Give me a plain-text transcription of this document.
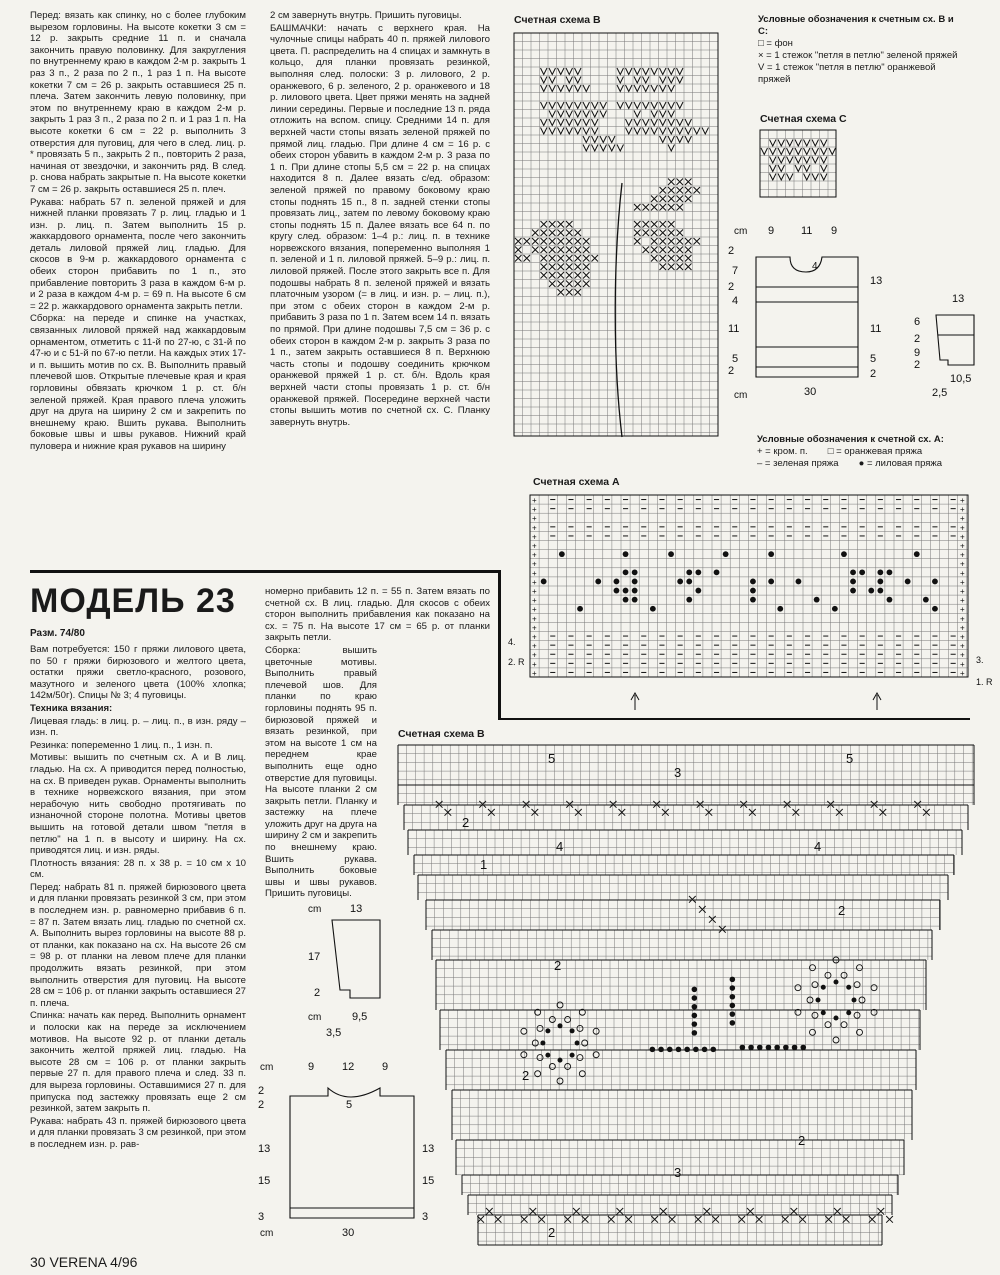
Перед: вязать как спинку, но с более глубоким вырезом горловины. На высоте кокетки 3 см = 12 р. закрыть средние 11 п. и сначала закончить правую половинку. Для закругления по внутреннему краю в каждом 2-м р. закрыть 1 раз 3 п., 2 раза по 2 п., 1 раз 1 п. На высоте кокетки 7 см = 26 р. закрыть оставшиеся 25 п. плеча. Затем закончить левую половинку, при этом по внутреннему краю в каждом 2-м р. закрыть 1 раз 3 п., 2 раза по 2 п. и 1 раз 1 п. На высоте кокетки 6 см = 22 р. выполнить 3 отверстия для пуговиц, для чего в след. лиц. р. * провязать 5 п., закрыть 2 п., повторить 2 раза, начиная от звездочки, и закончить ряд. В след. р. снова набрать закрытые п. На высоте кокетки 7 см = 26 р. закрыть оставшиеся 25 п. плеч.

Рукава: набрать 57 п. зеленой пряжей и для нижней планки провязать 7 р. лиц. гладью и 1 изн. р. лиц. п. Затем выполнить 15 р. жаккардового орнамента, после чего закончить деталь лиловой пряжей лиц. гладью. Для скосов в 9-м р. жаккардового орнамента с обеих сторон прибавить по 1 п., это прибавление повторить 3 раза в каждом 6-м р. и 2 раза в каждом 4-м р. = 69 п. На высоте 6 см = 22 р. жаккардового орнамента закрыть петли.

Сборка: на переде и спинке на участках, связанных лиловой пряжей над жаккардовым орнаментом, отметить с 11-й по 27-ю, с 31-й по 47-ю и с 51-й по 67-ю петли. На каждых этих 17-и п. вышить мотив по сх. В. Выполнить правый плечевой шов. Открытые плечевые края и края горловины обвязать крючком 1 р. ст. б/н зеленой пряжей. Края правого плеча уложить друг на друга на ширину 2 см и закрепить по внешнему краю. Вшить рукава. Выполнить боковые швы и швы рукавов. Нижний край пуловера и нижние края рукавов на ширину

2 см завернуть внутрь. Пришить пуговицы.

БАШМАЧКИ: начать с верхнего края. На чулочные спицы набрать 40 п. пряжей лилового цвета. П. распределить на 4 спицах и замкнуть в кольцо, для планки провязать резинкой, выполняя след. полоски: 3 р. лилового, 2 р. оранжевого, 6 р. зеленого, 2 р. оранжевого и 18 р. лилового цвета. Цвет пряжи менять на задней линии середины. Первые и последние 13 п. ряда отложить на вспом. спицу. Средними 14 п. для верхней части стопы вязать зеленой пряжей по прямой лиц. гладью. При длине 4 см = 16 р. с обеих сторон убавить в каждом 2-м р. 3 раза по 1 п. При длине стопы 5,5 см = 22 р. на спицах находится 8 п. Далее вязать с/ед. образом: зеленой пряжей по правому боковому краю стопы поднять 15 п., 8 п. задней стенки стопы провязать лиц., затем по левому боковому краю стопы поднять 15 п. Далее вязать все 64 п. по кругу след. образом: 1–4 р.: лиц. п. в технике норвежского вязания, попеременно выполняя 1 п. зеленой и 1 п. лиловой пряжей. 5–9 р.: лиц. п. лиловой пряжей. После этого закрыть все п. Для подошвы набрать 8 п. зеленой пряжей и вязать платочным узором (= в лиц. и изн. р. – лиц. п.), при этом с обеих сторон в каждом 2-м р. прибавить 3 раза по 1 п. Затем всем 14 п. вязать по прямой. При длине подошвы 7,5 см = 36 р. с обеих сторон в каждом 2-м р. закрыть 3 раза по 1 п., затем закрыть оставшиеся 8 п. Верхнюю часть стопы и подошву соединить крючком оранжевой пряжей 1 р. ст. б/н. Вдоль края верхней части стопы провязать 1 р. ст. б/н оранжевой пряжей. Посередине верхней части стопы вышить мотив по счетной сх. С. Планку завернуть внутрь.

МОДЕЛЬ 23
Разм. 74/80

Вам потребуется: 150 г пряжи лилового цвета, по 50 г пряжи бирюзового и желтого цвета, остатки пряжи светло-красного, розового, мазутного и зеленого цвета (100% хлопка; 142м/50г). Спицы № 3; 4 пуговицы.

Техника вязания:

Лицевая гладь: в лиц. р. – лиц. п., в изн. ряду – изн. п.

Резинка: попеременно 1 лиц. п., 1 изн. п.

Мотивы: вышить по счетным сх. А и В лиц. гладью. На сх. А приводится перед полностью, на сх. В приведен рукав. Орнаменты выполнить в технике норвежского вязания, при этом нерабочую нить свободно протягивать по изнаночной стороне полотна. Мотивы цветов вышить на готовой детали швом "петля в петлю" на 1 п. в высоту и ширину. На сх. приводятся лиц. и изн. ряды.

Плотность вязания: 28 п. х 38 р. = 10 см х 10 см.

Перед: набрать 81 п. пряжей бирюзового цвета и для планки провязать резинкой 3 см, при этом в последнем изн. р. равномерно прибавив 6 п. = 87 п. Затем вязать лиц. гладью по счетной сх. А. Выполнить вырез горловины на высоте 88 р. от планки, как показано на сх. На высоте 26 см = 98 р. от планки на левом плече для планки продолжить вязать резинкой, при этом выполнить отверстия для пуговиц. На высоте 28 см = 106 р. от планки закрыть оставшиеся 27 п. плеча.

Спинка: начать как перед. Выполнить орнамент и полоски как на переде за исключением мотивов. На высоте 92 р. от планки деталь закончить желтой пряжей лиц. гладью. На высоте 28 см = 106 р. от планки закрыть первые 27 п. для правого плеча и след. 33 п. для выреза горловины. Оставшимися 27 п. для припуска под застежку провязать еще 2 см резинкой, затем закрыть п.

Рукава: набрать 43 п. пряжей бирюзового цвета и для планки провязать 3 см резинкой, при этом в последнем изн. р. рав-

номерно прибавить 12 п. = 55 п. Затем вязать по счетной сх. В лиц. гладью. Для скосов с обеих сторон выполнить прибавления как показано на сх. = 75 п. На высоте 17 см = 65 р. от планки закрыть петли.

Сборка: вышить цветочные мотивы. Выполнить правый плечевой шов. Для планки по краю горловины поднять 95 п. бирюзовой пряжей и вязать резинкой, при этом на высоте 1 см на переднем крае выполнить еще одно отверстие для пуговицы. На высоте планки 2 см закрыть петли. Планку и застежку на плече уложить друг на друга на ширину 2 см и закрепить по внешнему краю. Вшить рукава. Выполнить боковые швы и швы рукавов. Пришить пуговицы.

Счетная схема В
Счетная схема С
Счетная схема А
Счетная схема В
Условные обозначения к счетным сх. В и С:
□ = фон
× = 1 стежок "петля в петлю" зеленой пряжей
V = 1 стежок "петля в петлю" оранжевой пряжей
Условные обозначения к счетной сх. А:
+ = кром. п. □ = оранжевая пряжа
– = зеленая пряжа ● = лиловая пряжа
cm 9 11 9
4
2
7
2
4
11
5
2
13
11
5
2
cm	30
13
6
2
9
2
10,5
2,5
+
+
+
+
+
+
+
+
+
+
+
+
+
+
+
+
+
+
+
+
+
+
+
+
+
+
+
+
+
+
+
+
+
+
+
+
+
+
+
+
4.
2. R	3.
1. R
cm	13
17
2
cm	9,5
3,5
cm	9	12	9
5
2
2
13
15
3
13
15
3
cm	30
5	5
3
2
4	4
1
2
2
2
2
3
2
30 VERENA 4/96
